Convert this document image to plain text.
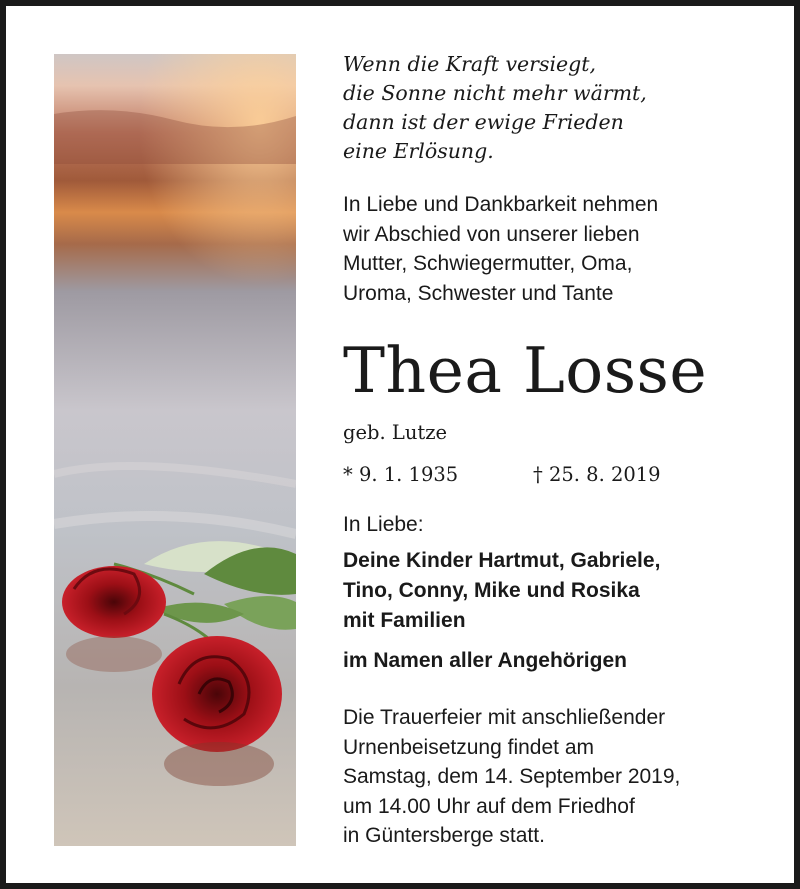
Wenn die Kraft versiegt,
die Sonne nicht mehr wärmt,
dann ist der ewige Frieden
eine Erlösung.
In Liebe und Dankbarkeit nehmen
wir Abschied von unserer lieben
Mutter, Schwiegermutter, Oma,
Uroma, Schwester und Tante
Thea Losse
geb. Lutze
* 9. 1. 1935	† 25. 8. 2019
In Liebe:
Deine Kinder Hartmut, Gabriele,
Tino, Conny, Mike und Rosika
mit Familien
im Namen aller Angehörigen
Die Trauerfeier mit anschließender
Urnenbeisetzung findet am
Samstag, dem 14. September 2019,
um 14.00 Uhr auf dem Friedhof
in Güntersberge statt.
